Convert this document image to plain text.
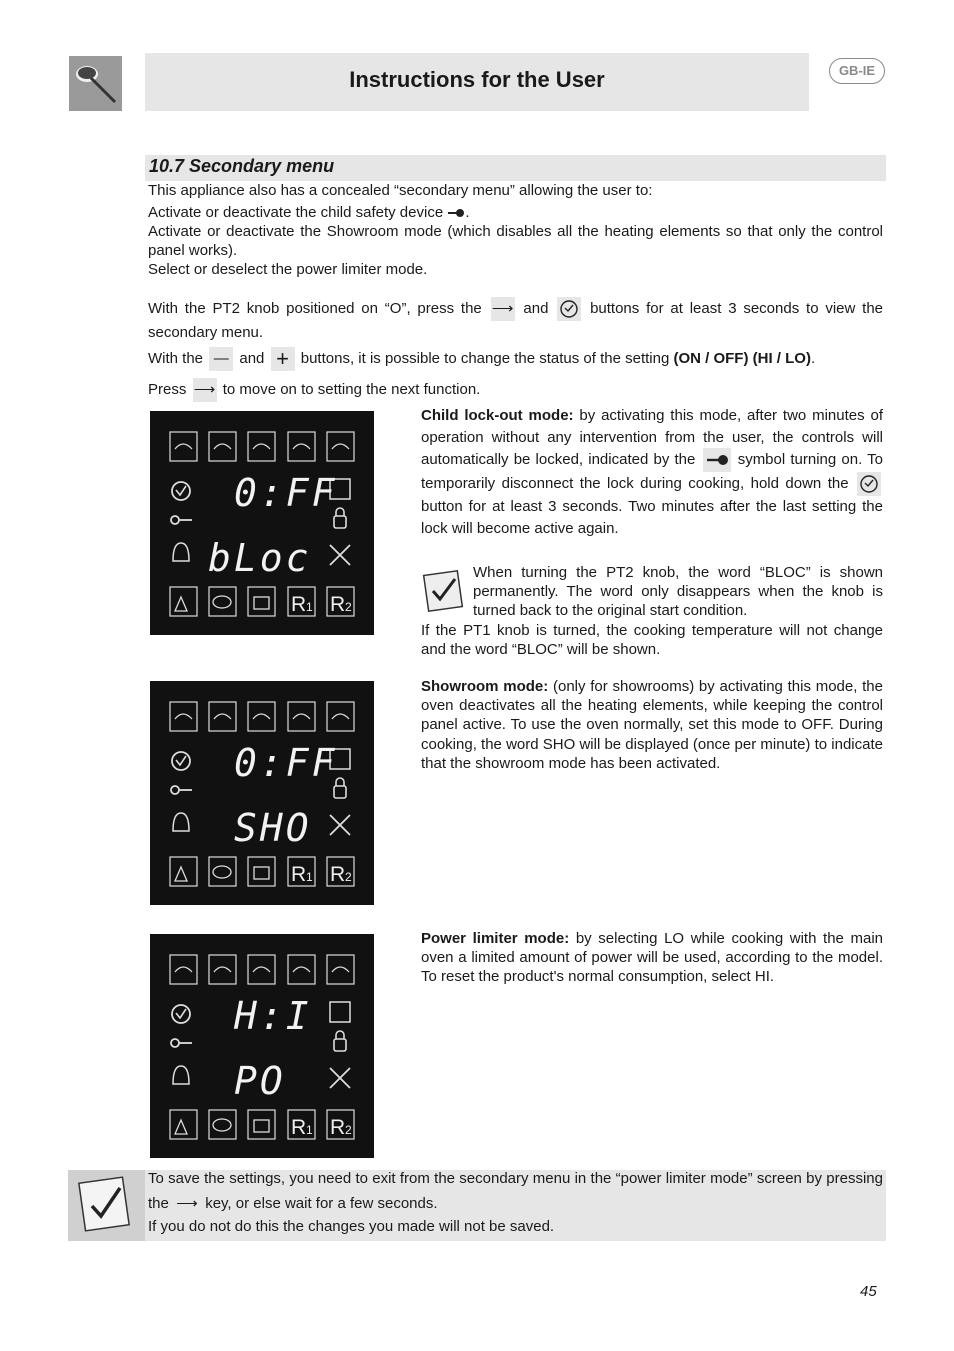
Instructions for the User	GB-IE
10.7 Secondary menu
This appliance also has a concealed “secondary menu” allowing the user to:
Activate or deactivate the child safety device .
Activate or deactivate the Showroom mode (which disables all the heating elements so that only the control panel works).
Select or deselect the power limiter mode.
With the PT2 knob positioned on “O”, press the ⟶ and	buttons for at least 3 seconds to view the secondary menu.
With the — and + buttons, it is possible to change the status of the setting (ON / OFF) (HI / LO).
Press ⟶ to move on to setting the next function.
R 1 R 2
0:FF
bLoc
R 1 R 2
0:FF
SHO
R 1 R 2
H:I
PO
Child lock-out mode: by activating this mode, after two minutes of operation without any intervention from the user, the controls will automatically be locked, indicated by the	symbol turning on. To temporarily disconnect the lock during cooking, hold down the  button for at least 3 seconds. Two minutes after the last setting the lock will become active again.
When turning the PT2 knob, the word “BLOC” is shown permanently. The word only disappears when the knob is turned back to the original start condition.
If the PT1 knob is turned, the cooking temperature will not change and the word “BLOC” will be shown.
Showroom mode: (only for showrooms) by activating this mode, the oven deactivates all the heating elements, while keeping the control panel active. To use the oven normally, set this mode to OFF. During cooking, the word SHO will be displayed (once per minute) to indicate that the showroom mode has been activated.
Power limiter mode: by selecting LO while cooking with the main oven a limited amount of power will be used, according to the model. To reset the product's normal consumption, select HI.
To save the settings, you need to exit from the secondary menu in the “power limiter mode” screen by pressing the ⟶ key, or else wait for a few seconds.
If you do not do this the changes you made will not be saved.
45
